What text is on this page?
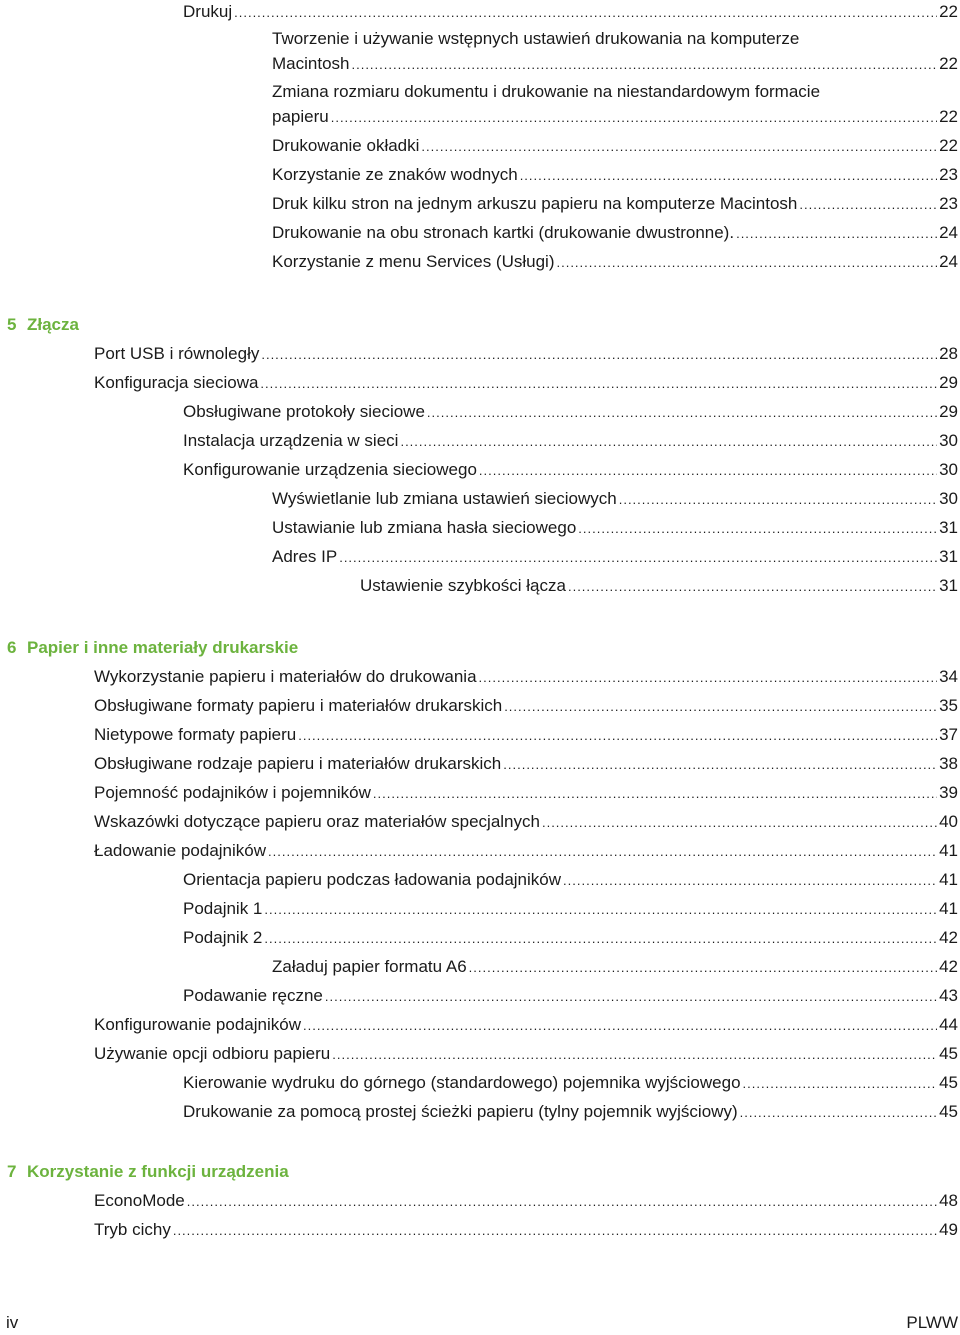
Drukuj .....	22
Tworzenie i używanie wstępnych ustawień drukowania na komputerze
Macintosh .....	22
Zmiana rozmiaru dokumentu i drukowanie na niestandardowym formacie
papieru .....	22
Drukowanie okładki .....	22
Korzystanie ze znaków wodnych .....	23
Druk kilku stron na jednym arkuszu papieru na komputerze Macintosh .....	23
Drukowanie na obu stronach kartki (drukowanie dwustronne). .....	24
Korzystanie z menu Services (Usługi) .....	24
5 Złącza
Port USB i równoległy .....	28
Konfiguracja sieciowa .....	29
Obsługiwane protokoły sieciowe .....	29
Instalacja urządzenia w sieci .....	30
Konfigurowanie urządzenia sieciowego .....	30
Wyświetlanie lub zmiana ustawień sieciowych .....	30
Ustawianie lub zmiana hasła sieciowego .....	31
Adres IP .....	31
Ustawienie szybkości łącza .....	31
6 Papier i inne materiały drukarskie
Wykorzystanie papieru i materiałów do drukowania .....	34
Obsługiwane formaty papieru i materiałów drukarskich .....	35
Nietypowe formaty papieru .....	37
Obsługiwane rodzaje papieru i materiałów drukarskich .....	38
Pojemność podajników i pojemników .....	39
Wskazówki dotyczące papieru oraz materiałów specjalnych .....	40
Ładowanie podajników .....	41
Orientacja papieru podczas ładowania podajników .....	41
Podajnik 1 .....	41
Podajnik 2 .....	42
Załaduj papier formatu A6 .....	42
Podawanie ręczne .....	43
Konfigurowanie podajników .....	44
Używanie opcji odbioru papieru .....	45
Kierowanie wydruku do górnego (standardowego) pojemnika wyjściowego .....	45
Drukowanie za pomocą prostej ścieżki papieru (tylny pojemnik wyjściowy) .....	45
7 Korzystanie z funkcji urządzenia
EconoMode .....	48
Tryb cichy .....	49
iv	PLWW
